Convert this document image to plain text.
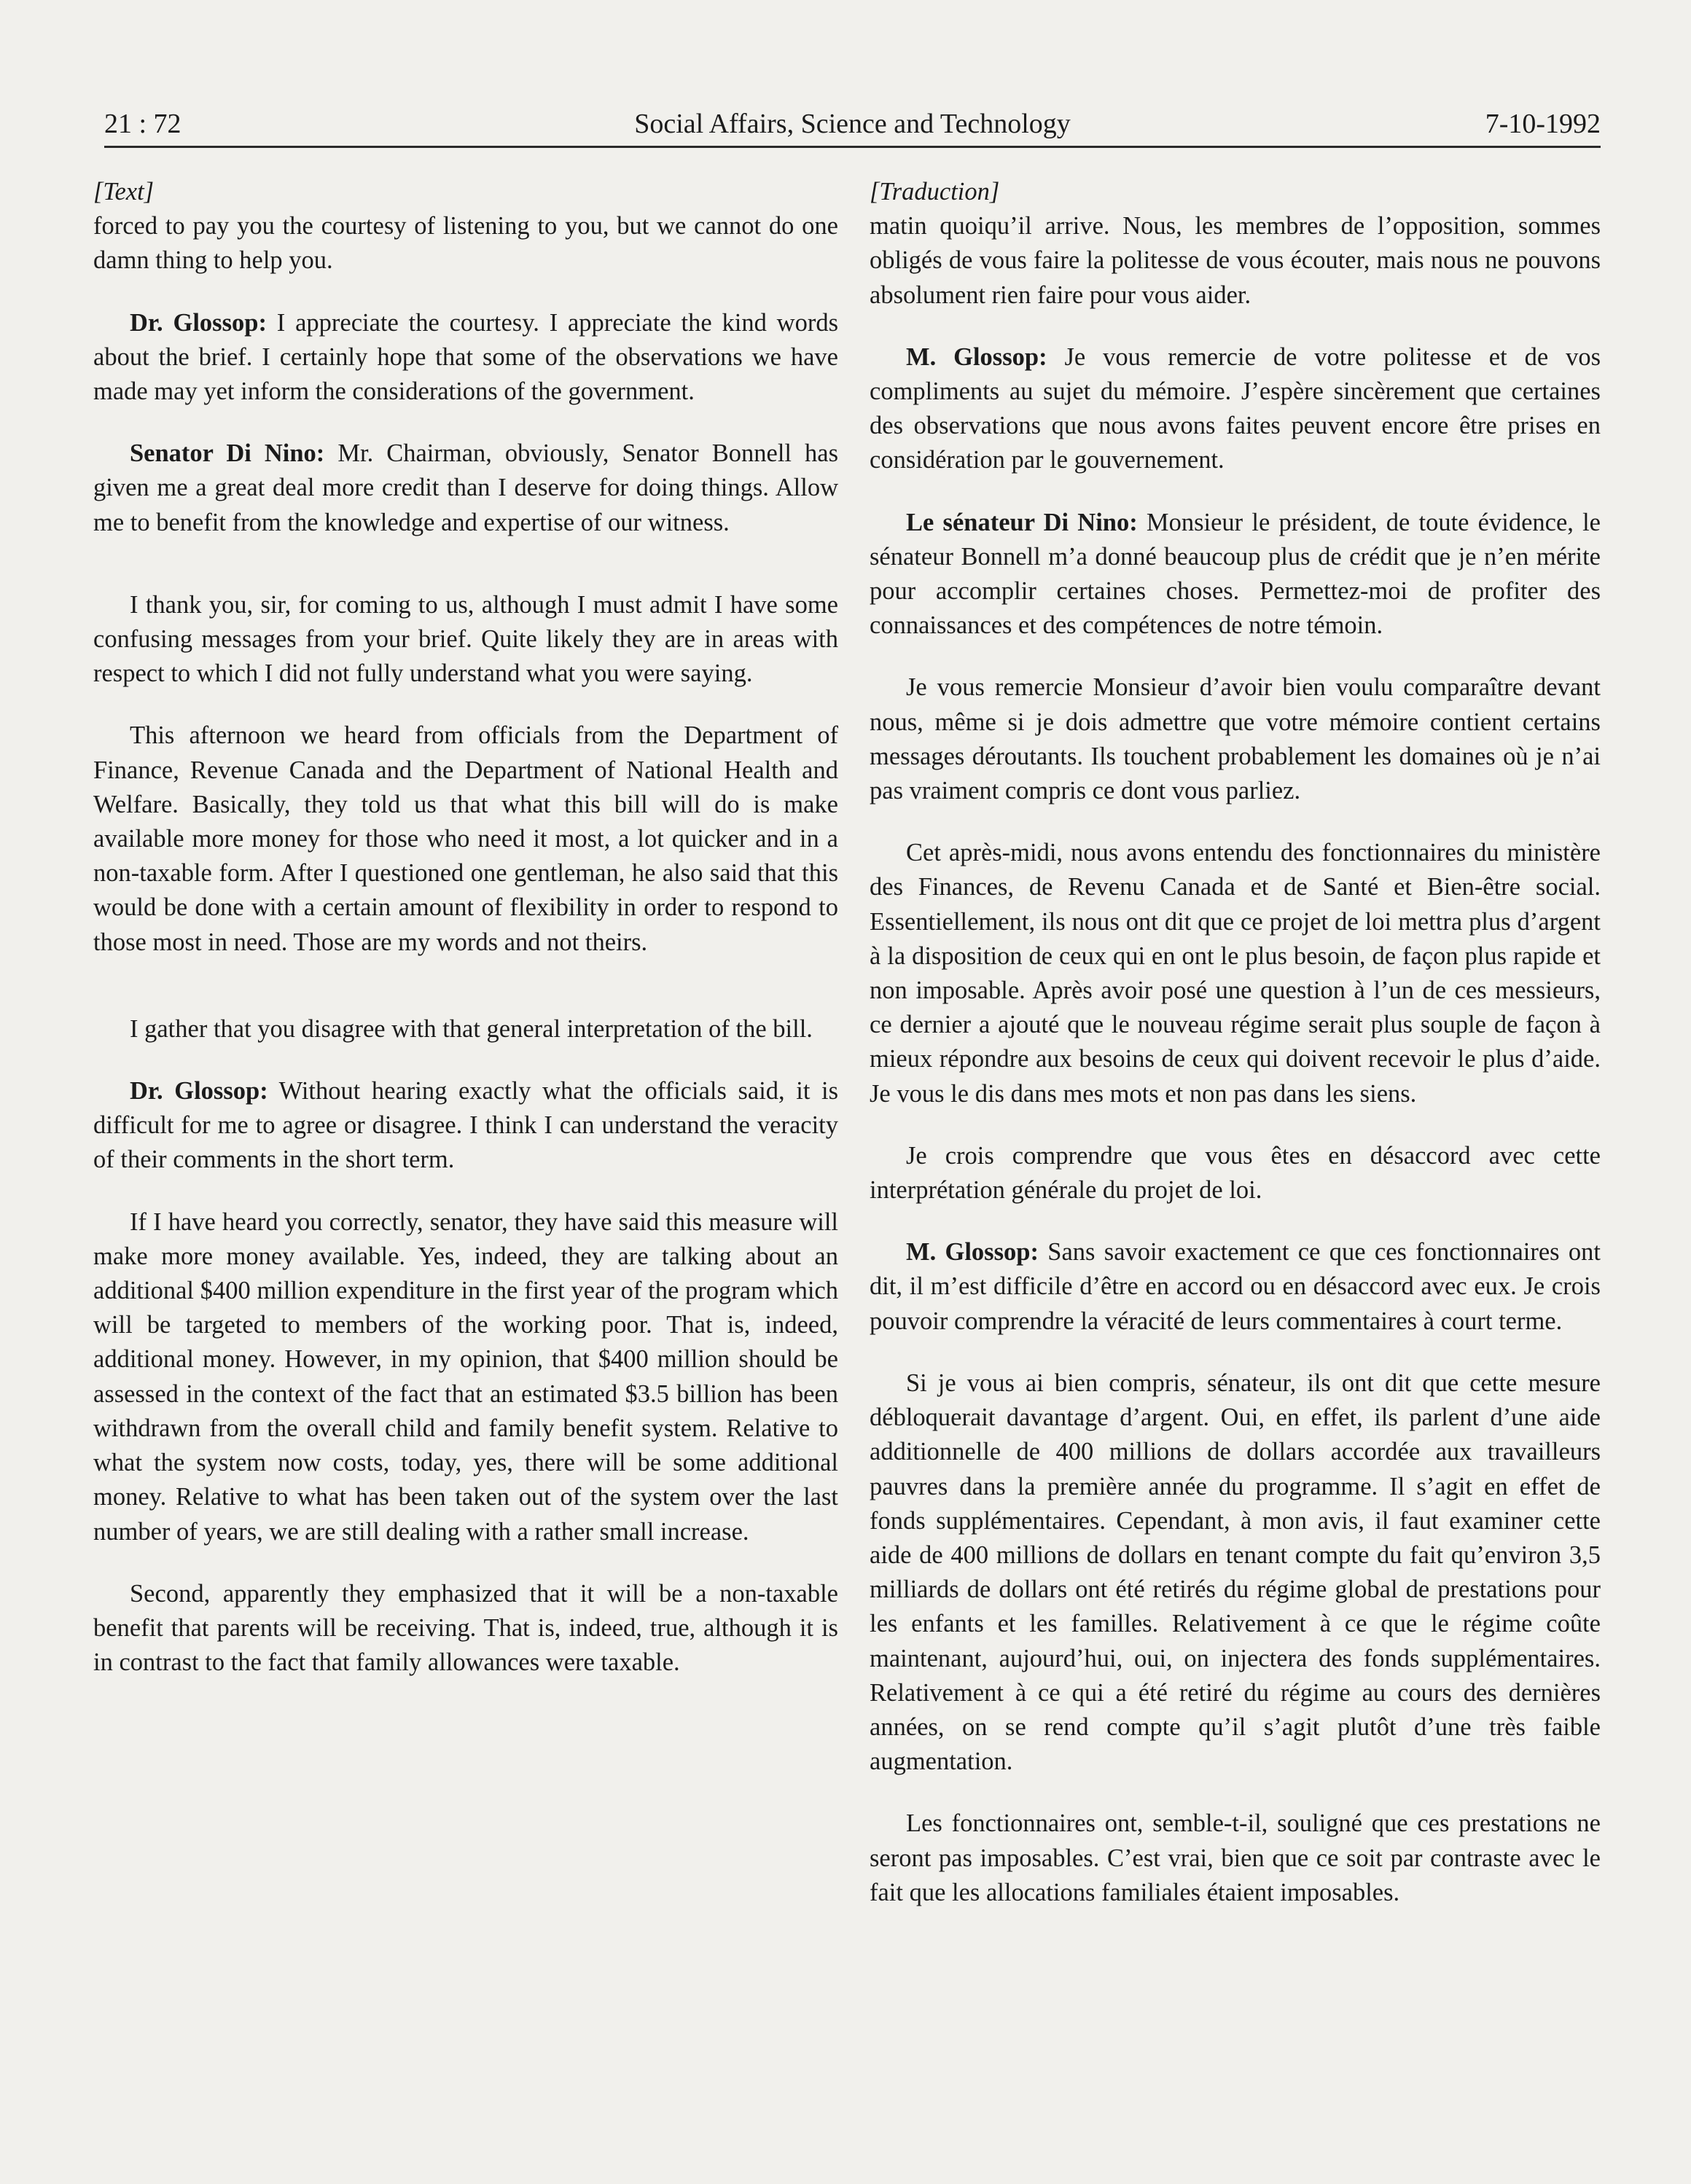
21 : 72	Social Affairs, Science and Technology	7-10-1992

[Text]

forced to pay you the courtesy of listening to you, but we cannot do one damn thing to help you.

Dr. Glossop: I appreciate the courtesy. I appreciate the kind words about the brief. I certainly hope that some of the observations we have made may yet inform the considerations of the government.

Senator Di Nino: Mr. Chairman, obviously, Senator Bonnell has given me a great deal more credit than I deserve for doing things. Allow me to benefit from the knowledge and expertise of our witness.

I thank you, sir, for coming to us, although I must admit I have some confusing messages from your brief. Quite likely they are in areas with respect to which I did not fully understand what you were saying.

This afternoon we heard from officials from the Department of Finance, Revenue Canada and the Department of National Health and Welfare. Basically, they told us that what this bill will do is make available more money for those who need it most, a lot quicker and in a non-taxable form. After I questioned one gentleman, he also said that this would be done with a certain amount of flexibility in order to respond to those most in need. Those are my words and not theirs.

I gather that you disagree with that general interpretation of the bill.

Dr. Glossop: Without hearing exactly what the officials said, it is difficult for me to agree or disagree. I think I can understand the veracity of their comments in the short term.

If I have heard you correctly, senator, they have said this measure will make more money available. Yes, indeed, they are talking about an additional $400 million expenditure in the first year of the program which will be targeted to members of the working poor. That is, indeed, additional money. However, in my opinion, that $400 million should be assessed in the context of the fact that an estimated $3.5 billion has been withdrawn from the overall child and family benefit system. Relative to what the system now costs, today, yes, there will be some additional money. Relative to what has been taken out of the system over the last number of years, we are still dealing with a rather small increase.

Second, apparently they emphasized that it will be a non-taxable benefit that parents will be receiving. That is, indeed, true, although it is in contrast to the fact that family allowances were taxable.

[Traduction]

matin quoiqu’il arrive. Nous, les membres de l’opposition, sommes obligés de vous faire la politesse de vous écouter, mais nous ne pouvons absolument rien faire pour vous aider.

M. Glossop: Je vous remercie de votre politesse et de vos compliments au sujet du mémoire. J’espère sincèrement que certaines des observations que nous avons faites peuvent encore être prises en considération par le gouvernement.

Le sénateur Di Nino: Monsieur le président, de toute évidence, le sénateur Bonnell m’a donné beaucoup plus de crédit que je n’en mérite pour accomplir certaines choses. Permettez-moi de profiter des connaissances et des compétences de notre témoin.

Je vous remercie Monsieur d’avoir bien voulu comparaître devant nous, même si je dois admettre que votre mémoire contient certains messages déroutants. Ils touchent probablement les domaines où je n’ai pas vraiment compris ce dont vous parliez.

Cet après-midi, nous avons entendu des fonctionnaires du ministère des Finances, de Revenu Canada et de Santé et Bien-être social. Essentiellement, ils nous ont dit que ce projet de loi mettra plus d’argent à la disposition de ceux qui en ont le plus besoin, de façon plus rapide et non imposable. Après avoir posé une question à l’un de ces messieurs, ce dernier a ajouté que le nouveau régime serait plus souple de façon à mieux répondre aux besoins de ceux qui doivent recevoir le plus d’aide. Je vous le dis dans mes mots et non pas dans les siens.

Je crois comprendre que vous êtes en désaccord avec cette interprétation générale du projet de loi.

M. Glossop: Sans savoir exactement ce que ces fonctionnaires ont dit, il m’est difficile d’être en accord ou en désaccord avec eux. Je crois pouvoir comprendre la véracité de leurs commentaires à court terme.

Si je vous ai bien compris, sénateur, ils ont dit que cette mesure débloquerait davantage d’argent. Oui, en effet, ils parlent d’une aide additionnelle de 400 millions de dollars accordée aux travailleurs pauvres dans la première année du programme. Il s’agit en effet de fonds supplémentaires. Cependant, à mon avis, il faut examiner cette aide de 400 millions de dollars en tenant compte du fait qu’environ 3,5 milliards de dollars ont été retirés du régime global de prestations pour les enfants et les familles. Relativement à ce que le régime coûte maintenant, aujourd’hui, oui, on injectera des fonds supplémentaires. Relativement à ce qui a été retiré du régime au cours des dernières années, on se rend compte qu’il s’agit plutôt d’une très faible augmentation.

Les fonctionnaires ont, semble-t-il, souligné que ces prestations ne seront pas imposables. C’est vrai, bien que ce soit par contraste avec le fait que les allocations familiales étaient imposables.
